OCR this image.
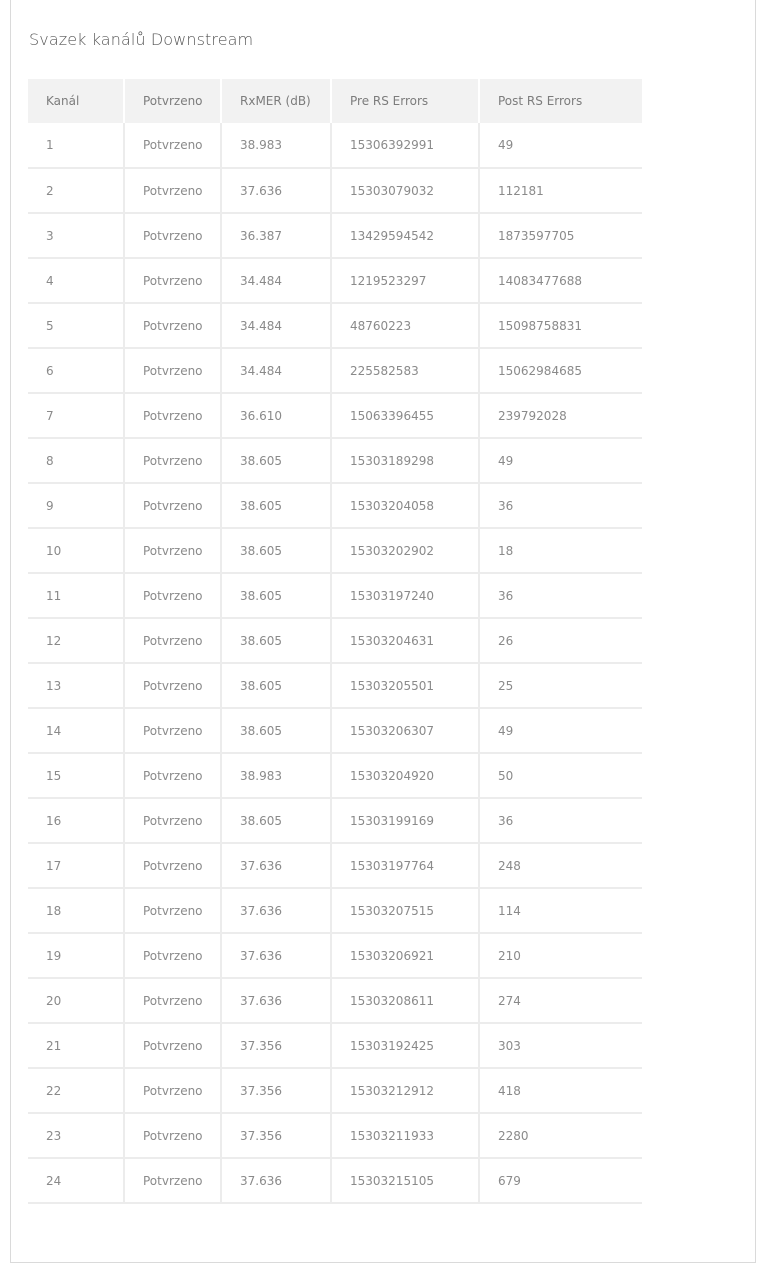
Svazek kanálů Downstream
Kanál	Potvrzeno	RxMER (dB)	Pre RS Errors	Post RS Errors
1	Potvrzeno	38.983	15306392991	49
2	Potvrzeno	37.636	15303079032	112181
3	Potvrzeno	36.387	13429594542	1873597705
4	Potvrzeno	34.484	1219523297	14083477688
5	Potvrzeno	34.484	48760223	15098758831
6	Potvrzeno	34.484	225582583	15062984685
7	Potvrzeno	36.610	15063396455	239792028
8	Potvrzeno	38.605	15303189298	49
9	Potvrzeno	38.605	15303204058	36
10	Potvrzeno	38.605	15303202902	18
11	Potvrzeno	38.605	15303197240	36
12	Potvrzeno	38.605	15303204631	26
13	Potvrzeno	38.605	15303205501	25
14	Potvrzeno	38.605	15303206307	49
15	Potvrzeno	38.983	15303204920	50
16	Potvrzeno	38.605	15303199169	36
17	Potvrzeno	37.636	15303197764	248
18	Potvrzeno	37.636	15303207515	114
19	Potvrzeno	37.636	15303206921	210
20	Potvrzeno	37.636	15303208611	274
21	Potvrzeno	37.356	15303192425	303
22	Potvrzeno	37.356	15303212912	418
23	Potvrzeno	37.356	15303211933	2280
24	Potvrzeno	37.636	15303215105	679
